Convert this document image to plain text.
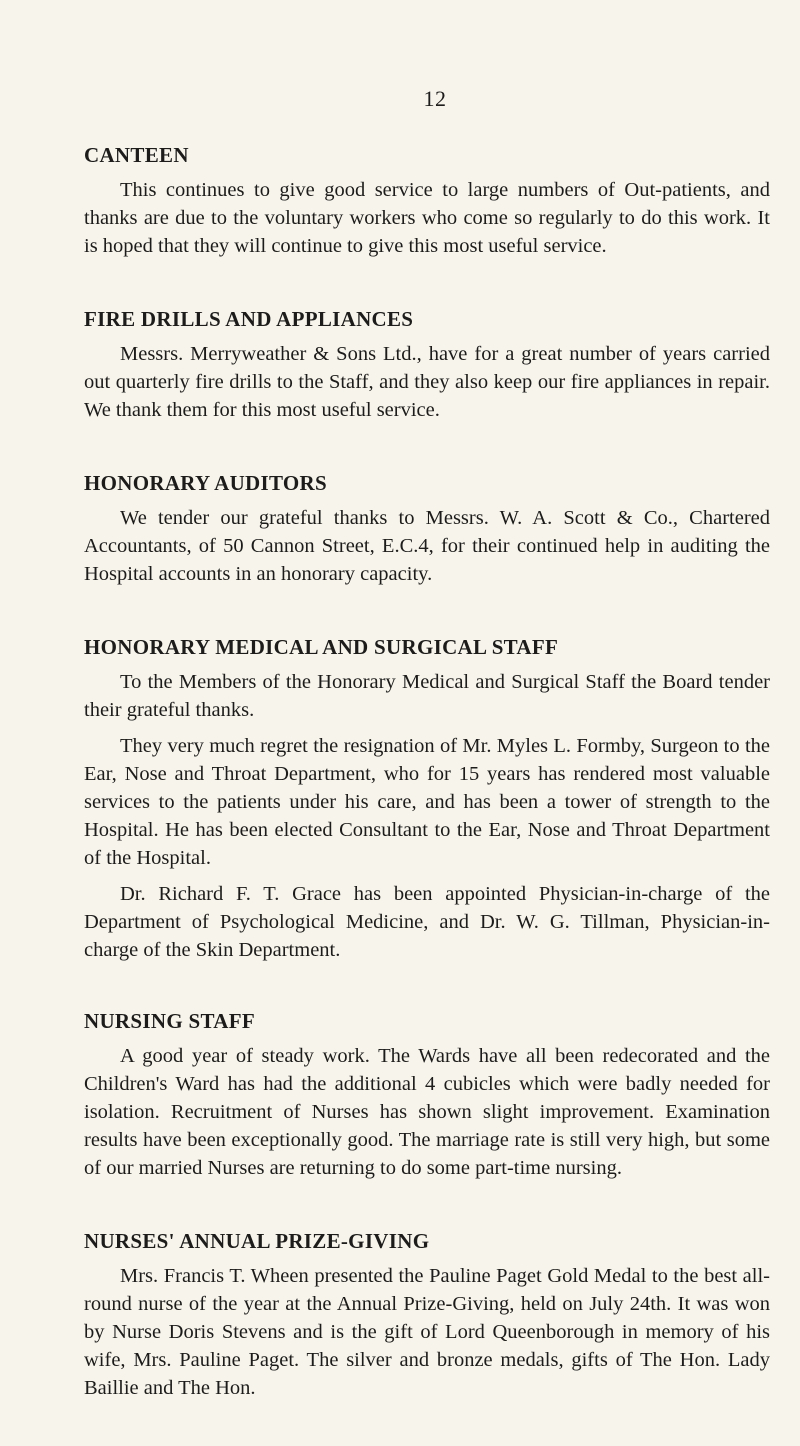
12
CANTEEN

This continues to give good service to large numbers of Out-patients, and thanks are due to the voluntary workers who come so regularly to do this work. It is hoped that they will continue to give this most useful service.

FIRE DRILLS AND APPLIANCES

Messrs. Merryweather & Sons Ltd., have for a great number of years carried out quarterly fire drills to the Staff, and they also keep our fire appliances in repair. We thank them for this most useful service.

HONORARY AUDITORS

We tender our grateful thanks to Messrs. W. A. Scott & Co., Chartered Accountants, of 50 Cannon Street, E.C.4, for their continued help in auditing the Hospital accounts in an honorary capacity.

HONORARY MEDICAL AND SURGICAL STAFF

To the Members of the Honorary Medical and Surgical Staff the Board tender their grateful thanks.

They very much regret the resignation of Mr. Myles L. Formby, Surgeon to the Ear, Nose and Throat Department, who for 15 years has rendered most valuable services to the patients under his care, and has been a tower of strength to the Hospital. He has been elected Consultant to the Ear, Nose and Throat Department of the Hospital.

Dr. Richard F. T. Grace has been appointed Physician-in-charge of the Department of Psychological Medicine, and Dr. W. G. Tillman, Physician-in-charge of the Skin Department.

NURSING STAFF

A good year of steady work. The Wards have all been redecorated and the Children's Ward has had the additional 4 cubicles which were badly needed for isolation. Recruitment of Nurses has shown slight improvement. Examination results have been exceptionally good. The marriage rate is still very high, but some of our married Nurses are returning to do some part-time nursing.

NURSES' ANNUAL PRIZE-GIVING

Mrs. Francis T. Wheen presented the Pauline Paget Gold Medal to the best all-round nurse of the year at the Annual Prize-Giving, held on July 24th. It was won by Nurse Doris Stevens and is the gift of Lord Queenborough in memory of his wife, Mrs. Pauline Paget. The silver and bronze medals, gifts of The Hon. Lady Baillie and The Hon.
